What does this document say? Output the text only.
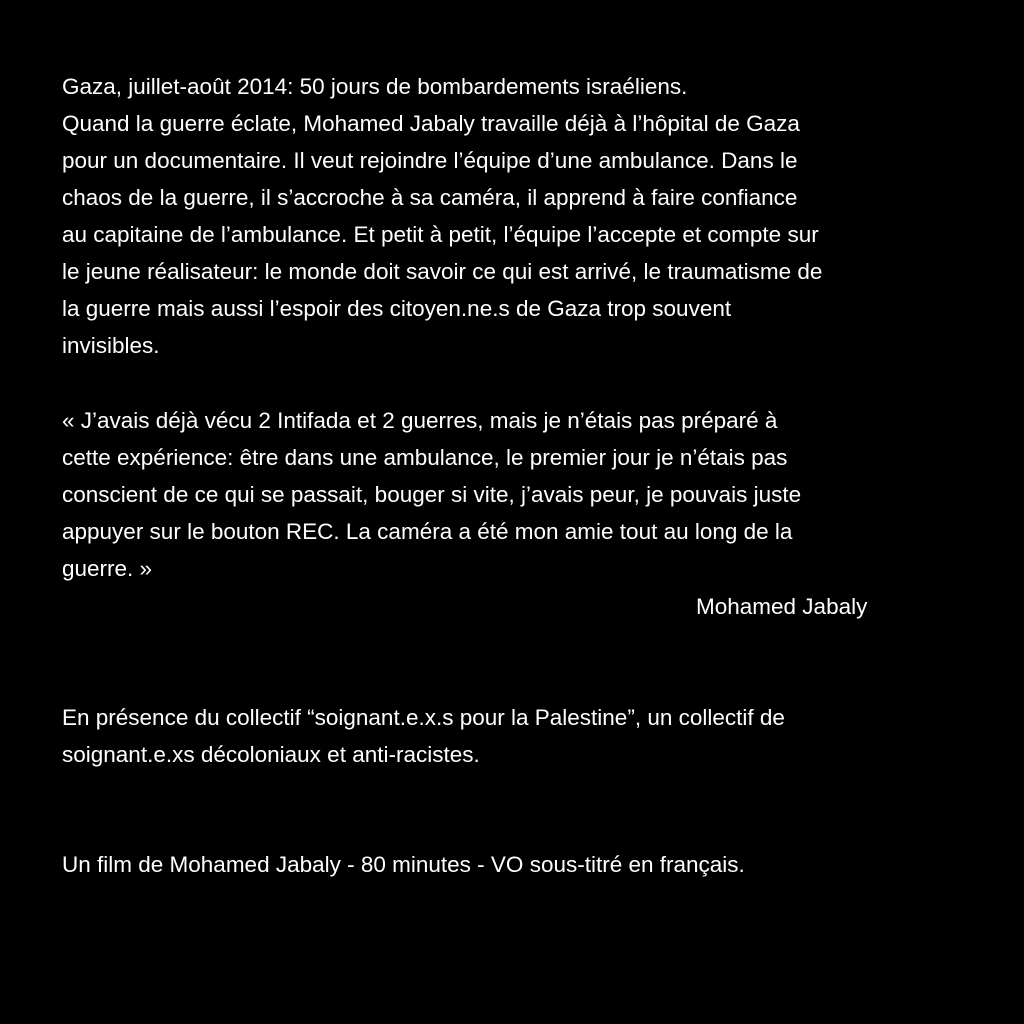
Gaza, juillet-août 2014: 50 jours de bombardements israéliens.

Quand la guerre éclate, Mohamed Jabaly travaille déjà à l’hôpital de Gaza

pour un documentaire. Il veut rejoindre l’équipe d’une ambulance. Dans le

chaos de la guerre, il s’accroche à sa caméra, il apprend à faire confiance

au capitaine de l’ambulance. Et petit à petit, l’équipe l’accepte et compte sur

le jeune réalisateur: le monde doit savoir ce qui est arrivé, le traumatisme de

la guerre mais aussi l’espoir des citoyen.ne.s de Gaza trop souvent

invisibles.

« J’avais déjà vécu 2 Intifada et 2 guerres, mais je n’étais pas préparé à

cette expérience: être dans une ambulance, le premier jour je n’étais pas

conscient de ce qui se passait, bouger si vite, j’avais peur, je pouvais juste

appuyer sur le bouton REC. La caméra a été mon amie tout au long de la

guerre. »

Mohamed Jabaly

En présence du collectif “soignant.e.x.s pour la Palestine”, un collectif de

soignant.e.xs décoloniaux et anti-racistes.

Un film de Mohamed Jabaly - 80 minutes - VO sous-titré en français.
